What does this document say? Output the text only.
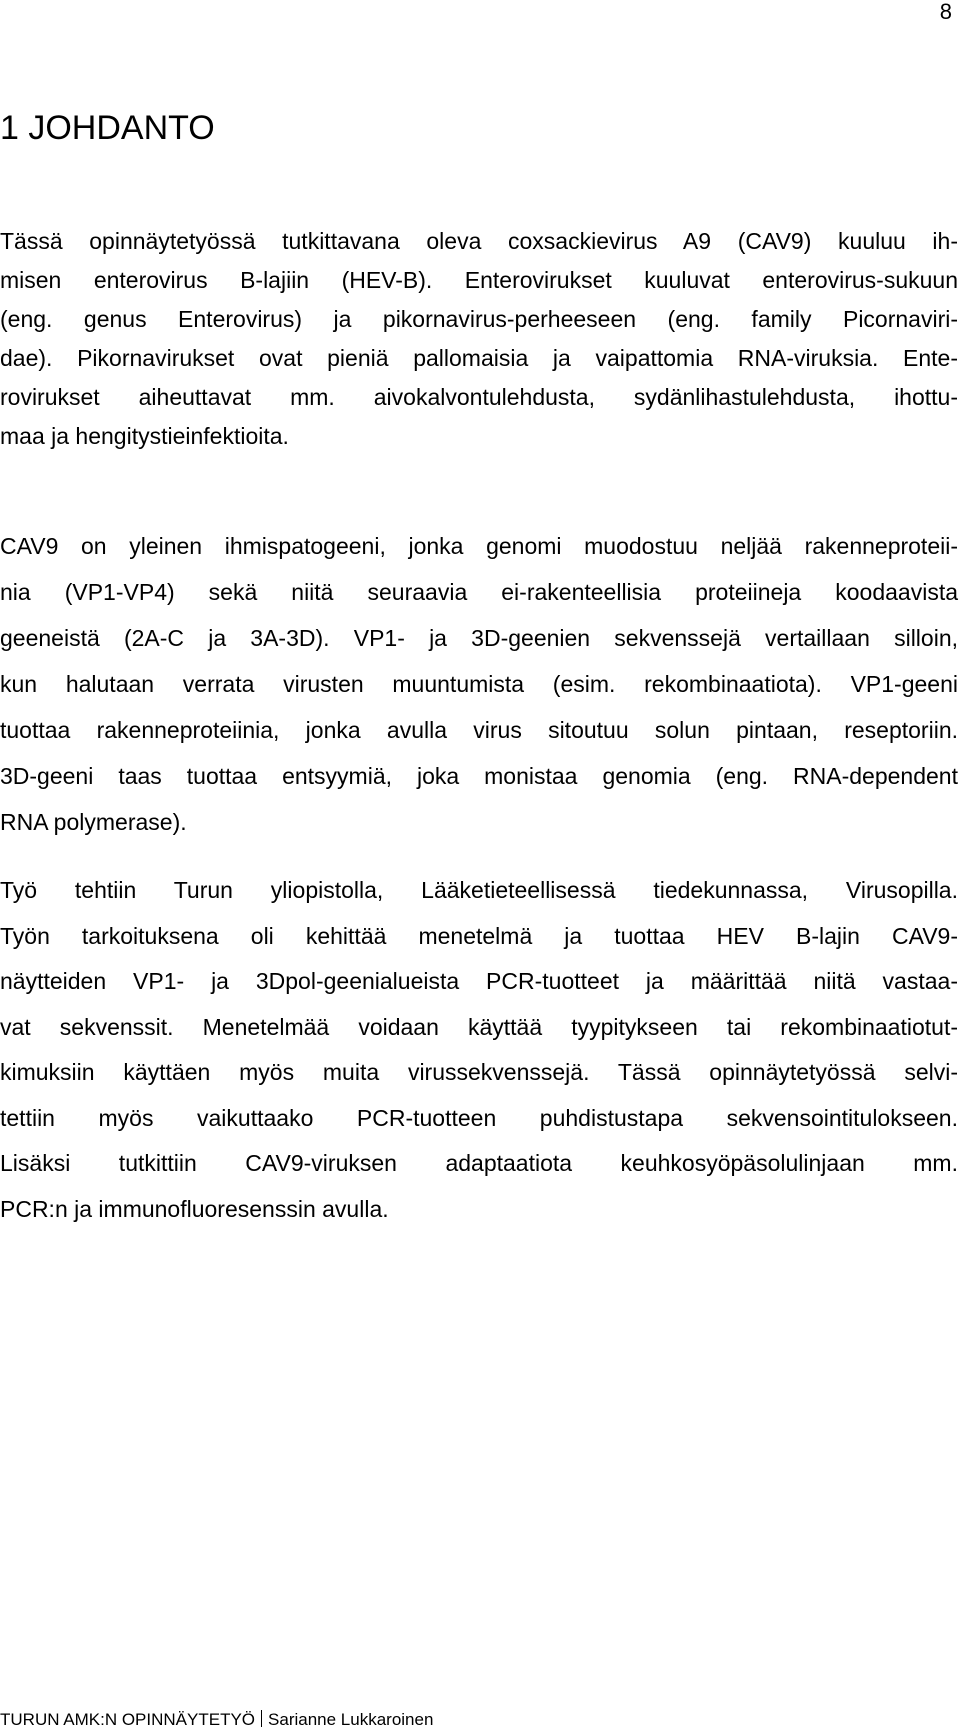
8
1 JOHDANTO
Tässä opinnäytetyössä tutkittavana oleva coxsackievirus A9 (CAV9) kuuluu ih-
misen enterovirus B-lajiin (HEV-B). Enterovirukset kuuluvat enterovirus-sukuun
(eng. genus Enterovirus) ja pikornavirus-perheeseen (eng. family Picornaviri-
dae). Pikornavirukset ovat pieniä pallomaisia ja vaipattomia RNA-viruksia. Ente-
rovirukset aiheuttavat mm. aivokalvontulehdusta, sydänlihastulehdusta, ihottu-
maa ja hengitystieinfektioita.
CAV9 on yleinen ihmispatogeeni, jonka genomi muodostuu neljää rakenneproteii-
nia (VP1-VP4) sekä niitä seuraavia ei-rakenteellisia proteiineja koodaavista
geeneistä (2A-C ja 3A-3D). VP1- ja 3D-geenien sekvenssejä vertaillaan silloin,
kun halutaan verrata virusten muuntumista (esim. rekombinaatiota). VP1-geeni
tuottaa rakenneproteiinia, jonka avulla virus sitoutuu solun pintaan, reseptoriin.
3D-geeni taas tuottaa entsyymiä, joka monistaa genomia (eng. RNA-dependent
RNA polymerase).
Työ tehtiin Turun yliopistolla, Lääketieteellisessä tiedekunnassa, Virusopilla.
Työn tarkoituksena oli kehittää menetelmä ja tuottaa HEV B-lajin CAV9-
näytteiden VP1- ja 3Dpol-geenialueista PCR-tuotteet ja määrittää niitä vastaa-
vat sekvenssit. Menetelmää voidaan käyttää tyypitykseen tai rekombinaatiotut-
kimuksiin käyttäen myös muita virussekvenssejä. Tässä opinnäytetyössä selvi-
tettiin myös vaikuttaako PCR-tuotteen puhdistustapa sekvensointitulokseen.
Lisäksi tutkittiin CAV9-viruksen adaptaatiota keuhkosyöpäsolulinjaan mm.
PCR:n ja immunofluoresenssin avulla.
TURUN AMK:N OPINNÄYTETYÖ Sarianne Lukkaroinen
